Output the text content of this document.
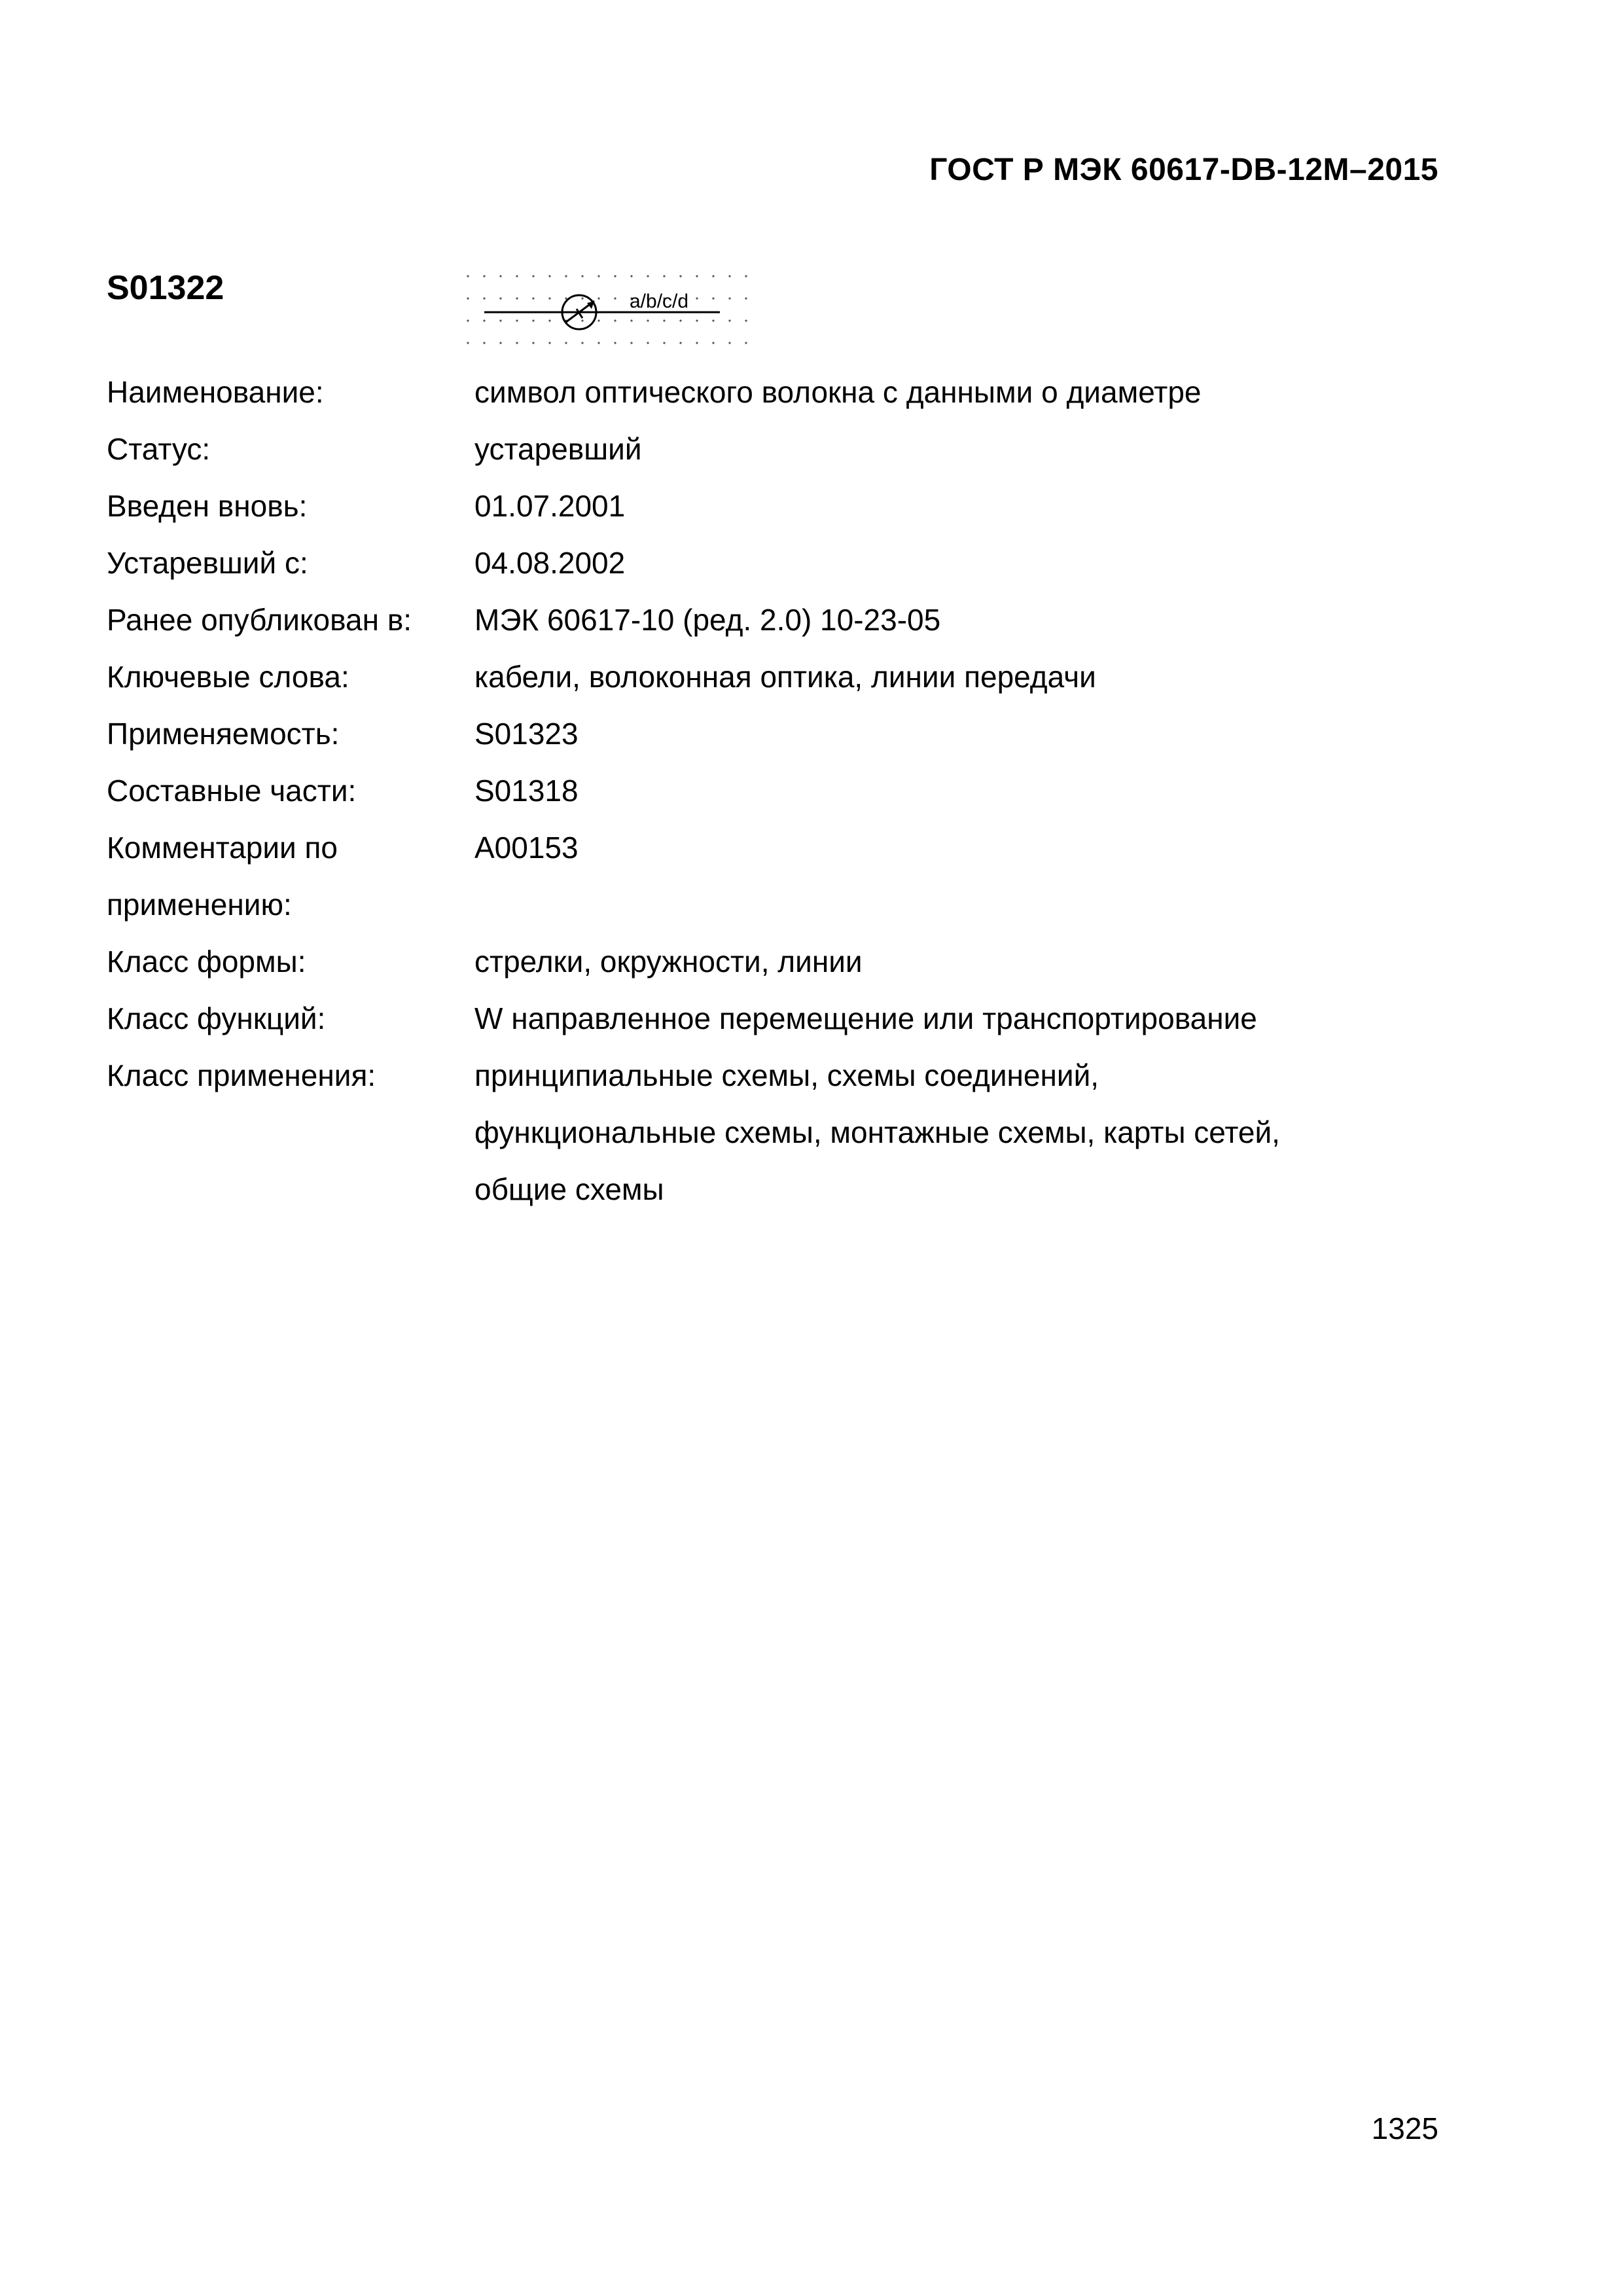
ГОСТ Р МЭК 60617-DB-12M–2015
S01322	a/b/c/d
Наименование:	символ оптического волокна с данными о диаметре
Статус:	устаревший
Введен вновь:	01.07.2001
Устаревший с:	04.08.2002
Ранее опубликован в:	МЭК 60617-10 (ред. 2.0) 10-23-05
Ключевые слова:	кабели, волоконная оптика, линии передачи
Применяемость:	S01323
Составные части:	S01318
Комментарии по	A00153
применению:	
Класс формы:	стрелки, окружности, линии
Класс функций:	W направленное перемещение или транспортирование
Класс применения:	принципиальные схемы, схемы соединений,
	функциональные схемы, монтажные схемы, карты сетей,
	общие схемы
1325
